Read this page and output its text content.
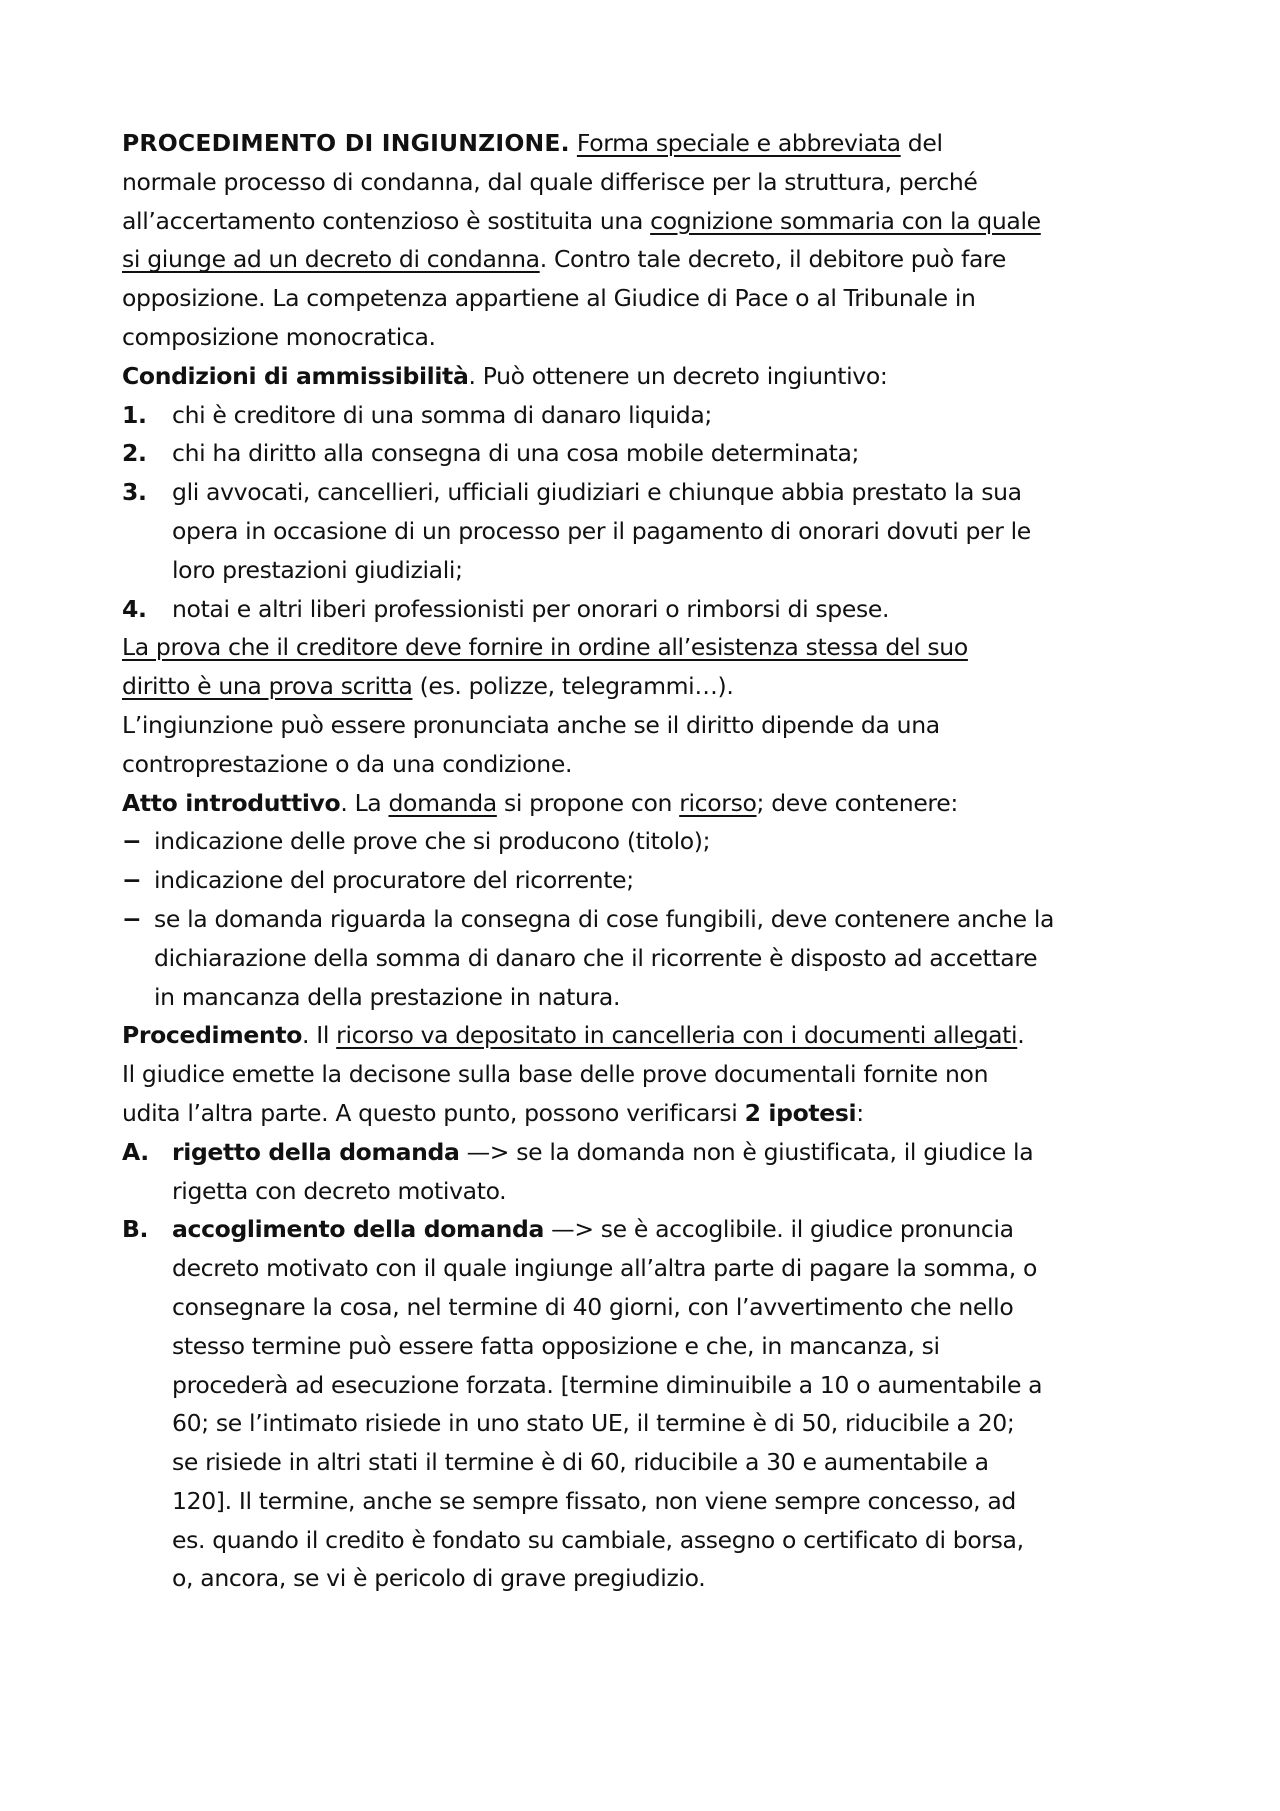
PROCEDIMENTO DI INGIUNZIONE. Forma speciale e abbreviata del
normale processo di condanna, dal quale differisce per la struttura, perché
all’accertamento contenzioso è sostituita una cognizione sommaria con la quale
si giunge ad un decreto di condanna. Contro tale decreto, il debitore può fare
opposizione. La competenza appartiene al Giudice di Pace o al Tribunale in
composizione monocratica.
Condizioni di ammissibilità. Può ottenere un decreto ingiuntivo:
1.	chi è creditore di una somma di danaro liquida;
2.	chi ha diritto alla consegna di una cosa mobile determinata;
3.	gli avvocati, cancellieri, ufficiali giudiziari e chiunque abbia prestato la sua
opera in occasione di un processo per il pagamento di onorari dovuti per le
loro prestazioni giudiziali;
4.	notai e altri liberi professionisti per onorari o rimborsi di spese.
La prova che il creditore deve fornire in ordine all’esistenza stessa del suo
diritto è una prova scritta (es. polizze, telegrammi…).
L’ingiunzione può essere pronunciata anche se il diritto dipende da una
controprestazione o da una condizione.
Atto introduttivo. La domanda si propone con ricorso; deve contenere:
− indicazione delle prove che si producono (titolo);
− indicazione del procuratore del ricorrente;
− se la domanda riguarda la consegna di cose fungibili, deve contenere anche la
dichiarazione della somma di danaro che il ricorrente è disposto ad accettare
in mancanza della prestazione in natura.
Procedimento. Il ricorso va depositato in cancelleria con i documenti allegati.
Il giudice emette la decisone sulla base delle prove documentali fornite non
udita l’altra parte. A questo punto, possono verificarsi 2 ipotesi:
A. rigetto della domanda —> se la domanda non è giustificata, il giudice la
rigetta con decreto motivato.
B.	accoglimento della domanda —> se è accoglibile. il giudice pronuncia
decreto motivato con il quale ingiunge all’altra parte di pagare la somma, o
consegnare la cosa, nel termine di 40 giorni, con l’avvertimento che nello
stesso termine può essere fatta opposizione e che, in mancanza, si
procederà ad esecuzione forzata. [termine diminuibile a 10 o aumentabile a
60; se l’intimato risiede in uno stato UE, il termine è di 50, riducibile a 20;
se risiede in altri stati il termine è di 60, riducibile a 30 e aumentabile a
120]. Il termine, anche se sempre fissato, non viene sempre concesso, ad
es. quando il credito è fondato su cambiale, assegno o certificato di borsa,
o, ancora, se vi è pericolo di grave pregiudizio.
